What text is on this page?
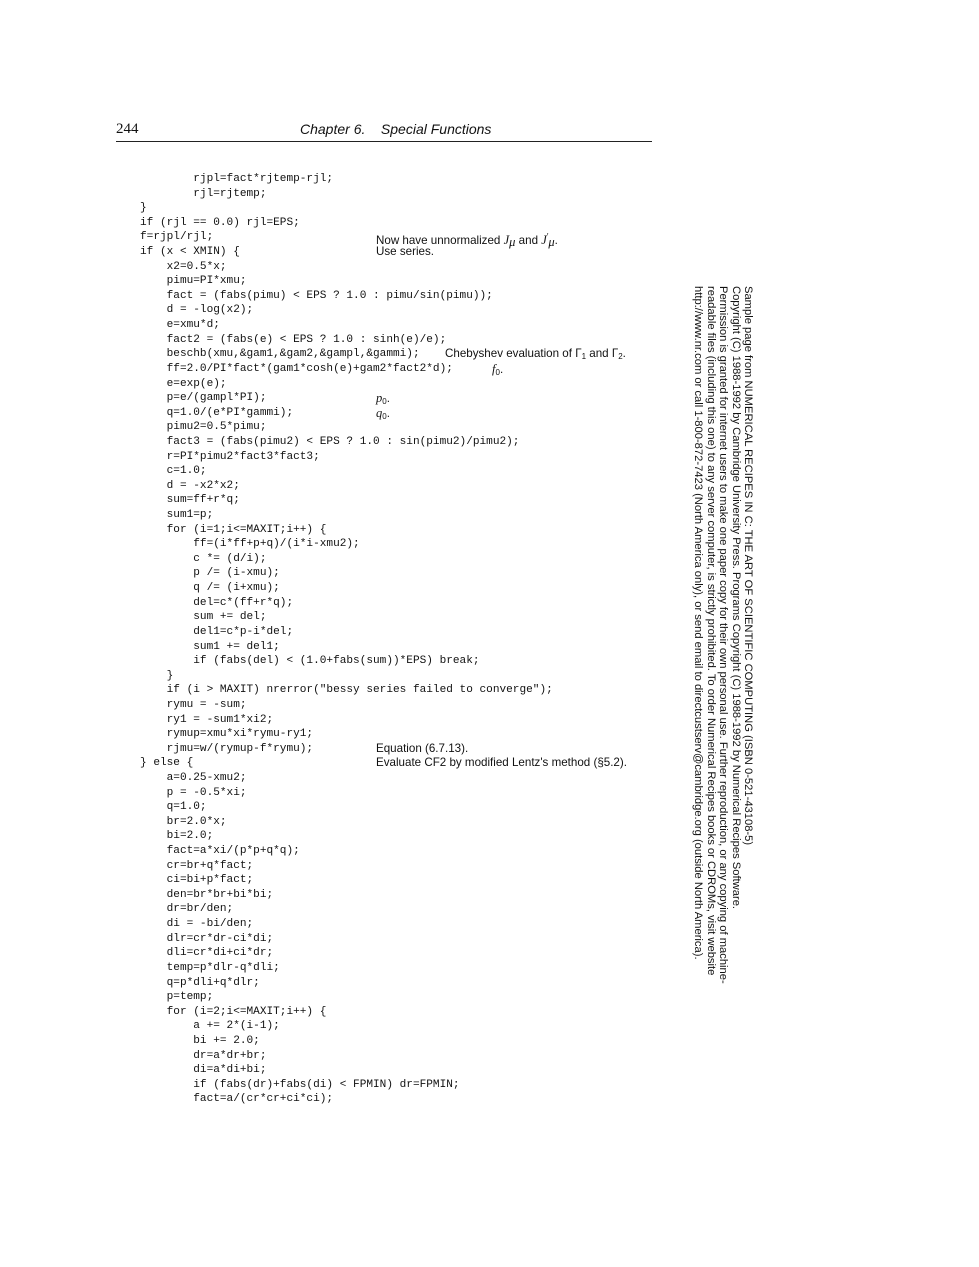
244	Chapter 6.    Special Functions
rjpl=fact*rjtemp-rjl;
rjl=rjtemp;
}
if (rjl == 0.0) rjl=EPS;
f=rjpl/rjl;	Now have unnormalized $J_\mu$ and $J'_\mu$.
if (x < XMIN) {	Use series.
x2=0.5*x;
pimu=PI*xmu;
fact = (fabs(pimu) < EPS ? 1.0 : pimu/sin(pimu));
d = -log(x2);
e=xmu*d;
fact2 = (fabs(e) < EPS ? 1.0 : sinh(e)/e);
beschb(xmu,&gam1,&gam2,&gampl,&gammi); Chebyshev evaluation of $\Gamma_1$ and $\Gamma_2$.
ff=2.0/PI*fact*(gam1*cosh(e)+gam2*fact2*d);	$f_0$.
e=exp(e);
p=e/(gampl*PI);	$p_0$.
q=1.0/(e*PI*gammi);	$q_0$.
pimu2=0.5*pimu;
fact3 = (fabs(pimu2) < EPS ? 1.0 : sin(pimu2)/pimu2);
r=PI*pimu2*fact3*fact3;
c=1.0;
d = -x2*x2;
sum=ff+r*q;
sum1=p;
for (i=1;i<=MAXIT;i++) {
ff=(i*ff+p+q)/(i*i-xmu2);
c *= (d/i);
p /= (i-xmu);
q /= (i+xmu);
del=c*(ff+r*q);
sum += del;
del1=c*p-i*del;
sum1 += del1;
if (fabs(del) < (1.0+fabs(sum))*EPS) break;
}
if (i > MAXIT) nrerror("bessy series failed to converge");
rymu = -sum;
ry1 = -sum1*xi2;
rymup=xmu*xi*rymu-ry1;
rjmu=w/(rymup-f*rymu);	Equation (6.7.13).
} else {	Evaluate CF2 by modified Lentz's method (§5.2).
a=0.25-xmu2;
p = -0.5*xi;
q=1.0;
br=2.0*x;
bi=2.0;
fact=a*xi/(p*p+q*q);
cr=br+q*fact;
ci=bi+p*fact;
den=br*br+bi*bi;
dr=br/den;
di = -bi/den;
dlr=cr*dr-ci*di;
dli=cr*di+ci*dr;
temp=p*dlr-q*dli;
q=p*dli+q*dlr;
p=temp;
for (i=2;i<=MAXIT;i++) {
a += 2*(i-1);
bi += 2.0;
dr=a*dr+br;
di=a*di+bi;
if (fabs(dr)+fabs(di) < FPMIN) dr=FPMIN;
fact=a/(cr*cr+ci*ci);
Sample page from NUMERICAL RECIPES IN C: THE ART OF SCIENTIFIC COMPUTING (ISBN 0-521-43108-5)
Copyright (C) 1988-1992 by Cambridge University Press. Programs Copyright (C) 1988-1992 by Numerical Recipes Software.
Permission is granted for internet users to make one paper copy for their own personal use. Further reproduction, or any copying of machine-
readable files (including this one) to any server computer, is strictly prohibited. To order Numerical Recipes books or CDROMs, visit website
http://www.nr.com or call 1-800-872-7423 (North America only), or send email to directcustserv@cambridge.org (outside North America).
